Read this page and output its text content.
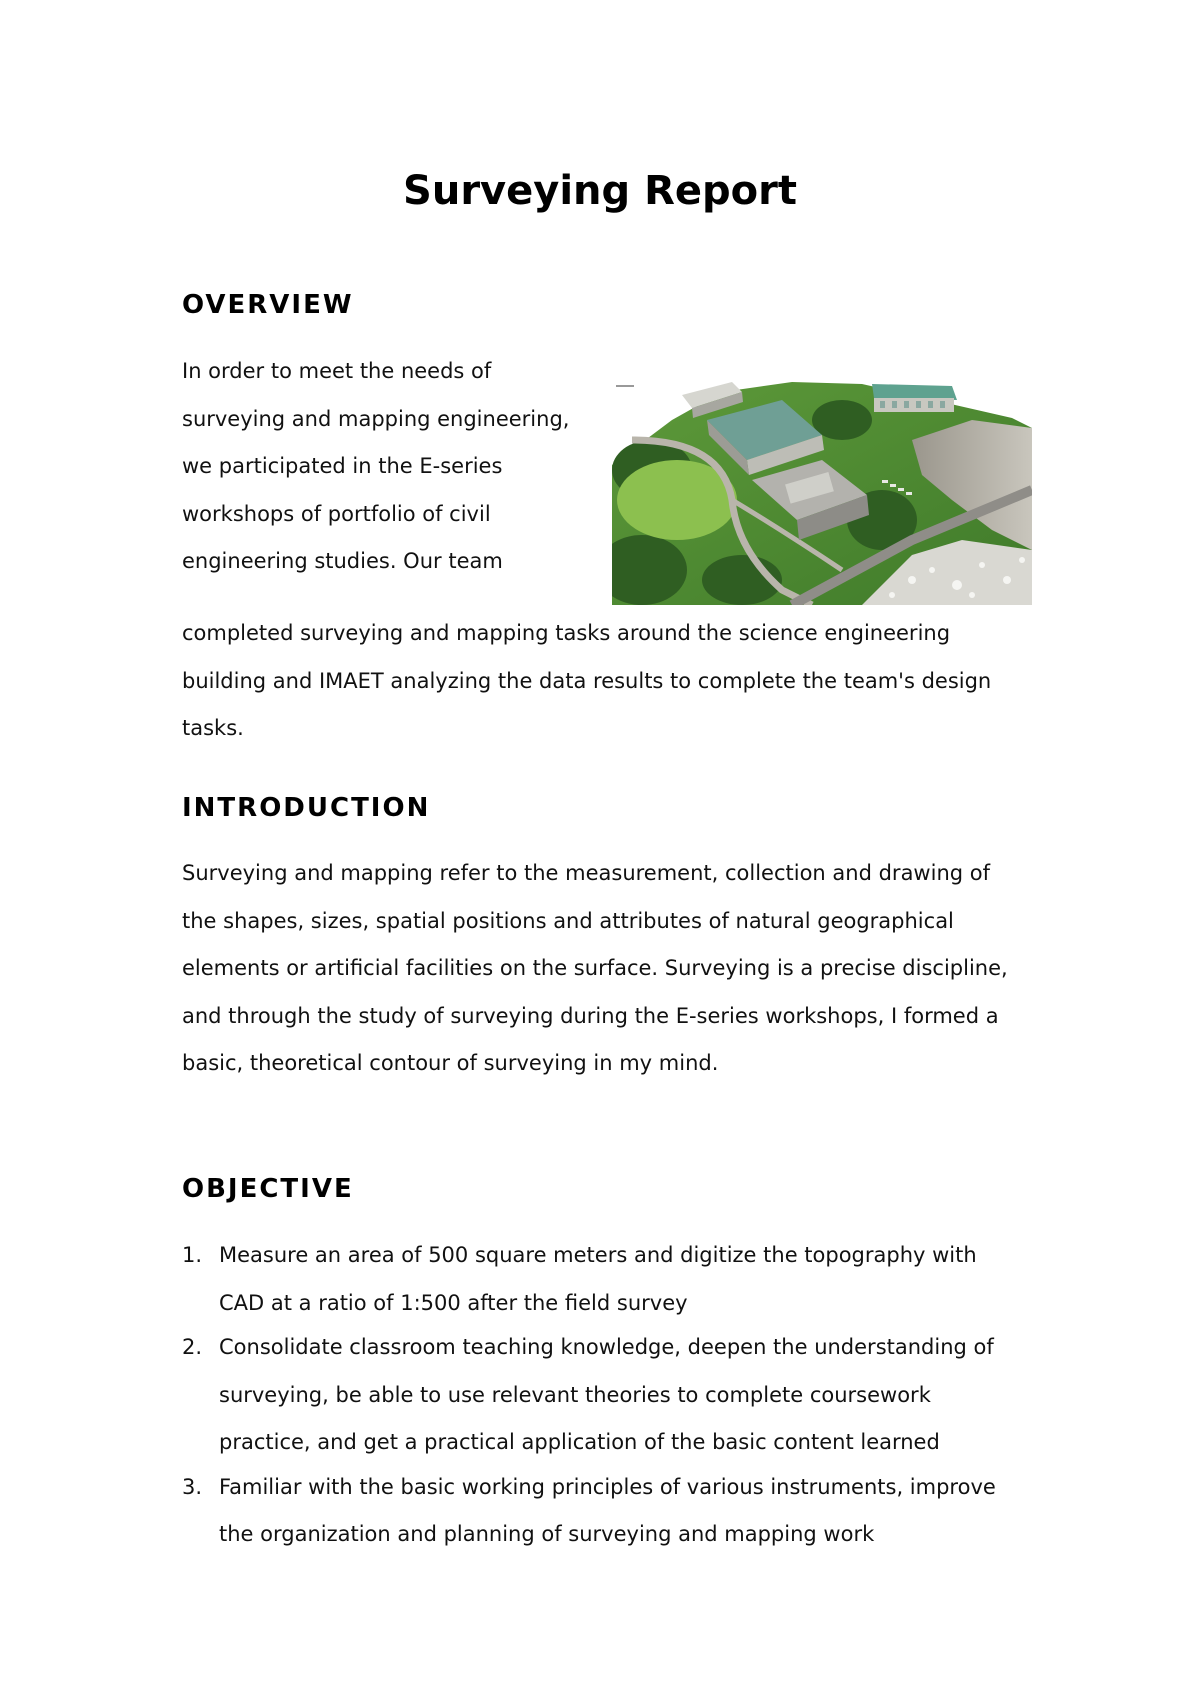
Surveying Report
OVERVIEW
In order to meet the needs of
surveying and mapping engineering,
we participated in the E-series
workshops of portfolio of civil
engineering studies. Our team
completed surveying and mapping tasks around the science engineering
building and IMAET analyzing the data results to complete the team's design
tasks.
INTRODUCTION
Surveying and mapping refer to the measurement, collection and drawing of
the shapes, sizes, spatial positions and attributes of natural geographical
elements or artificial facilities on the surface. Surveying is a precise discipline,
and through the study of surveying during the E-series workshops, I formed a
basic, theoretical contour of surveying in my mind.
OBJECTIVE
1. Measure an area of 500 square meters and digitize the topography with
CAD at a ratio of 1:500 after the field survey
2. Consolidate classroom teaching knowledge, deepen the understanding of
surveying, be able to use relevant theories to complete coursework
practice, and get a practical application of the basic content learned
3. Familiar with the basic working principles of various instruments, improve
the organization and planning of surveying and mapping work
